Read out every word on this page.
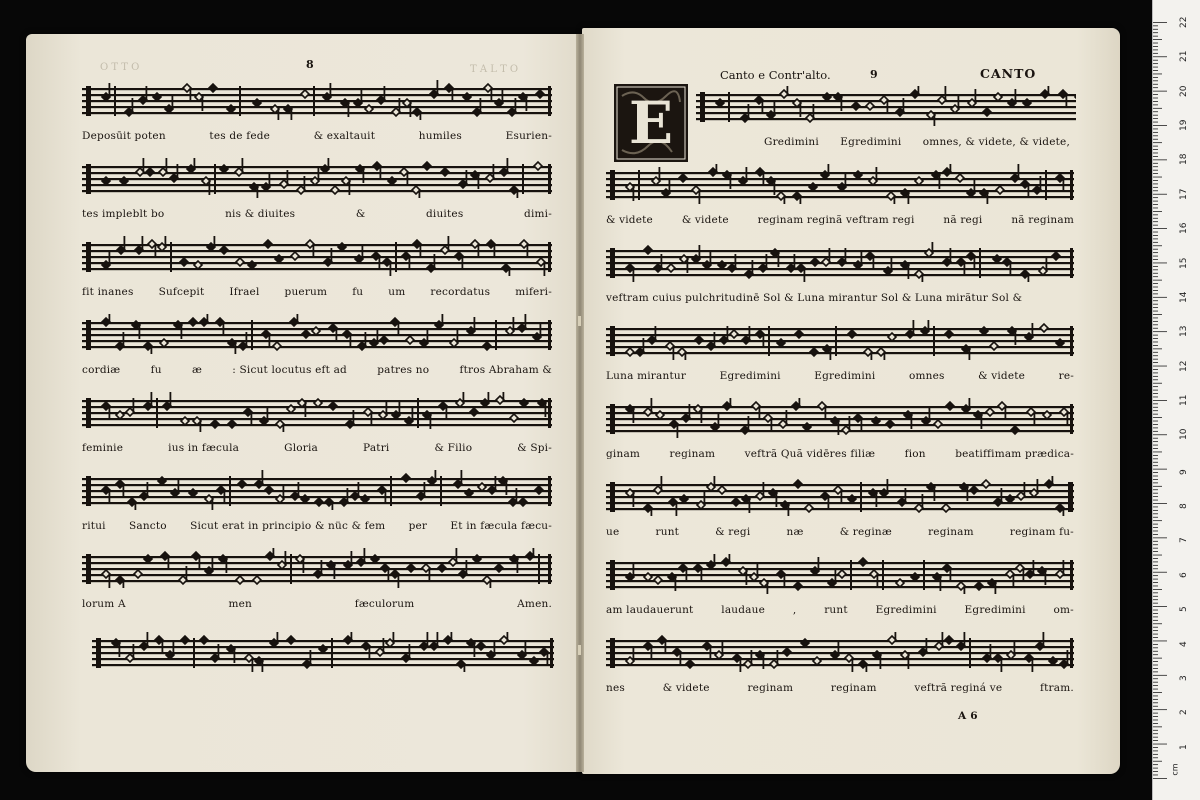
O T T O	T A L T O
8
Deposūit poten	tes de fede	& exaltauit	humiles	Esurien-
tes impleblt bo	nis & diuites	&	diuites	dimi-
fit inanes Sufcepit Ifrael puerum fu um recordatus miferi-
cordiæ	fu	æ	: Sicut locutus eft ad	patres no	ftros Abraham &
feminie	ius in fæcula	Gloria	Patri	& Filio	& Spi-
ritui Sancto Sicut erat in principio & nüc & fem per Et in fæcula fæcu-
lorum A	men	fæculorum	Amen.
Gredimini Egredimini omnes, & videte, & videte,
& videte	& videte	reginam reginã veftram regi	nã regi	nã reginam
veftram cuius pulchritudinē Sol & Luna mirantur Sol & Luna mirãtur Sol &
Luna mirantur	Egredimini	Egredimini	omnes	& videte	re-
ginam	reginam	veftrã Quã vidēres filiæ	fion	beatiffimam prædica-
ue	runt	& regi	næ	& reginæ	reginam	reginam fu-
am laudauerunt	laudaue	,	runt	Egredimini	Egredimini	om-
nes	& videte	reginam	reginam	veftrã reginá ve	ftram.
Canto e Contr'alto.	9	CANTO
E
A 6
1
2
3
4
5
6
7
8
9
10
11
12
13
14
15
16
17
18
19
20
21
22
cm
